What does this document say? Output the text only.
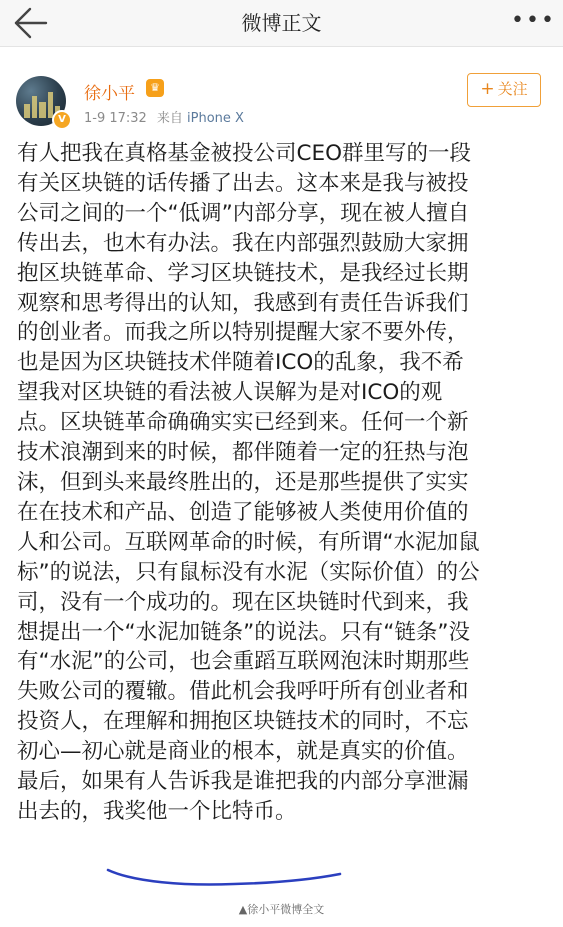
微博正文	•••
V
徐小平	♛
1-9 17:32 来自 iPhone X
+ 关注

有人把我在真格基金被投公司CEO群里写的一段

有关区块链的话传播了出去。这本来是我与被投

公司之间的一个“低调”内部分享，现在被人擅自

传出去，也木有办法。我在内部强烈鼓励大家拥

抱区块链革命、学习区块链技术，是我经过长期

观察和思考得出的认知，我感到有责任告诉我们

的创业者。而我之所以特别提醒大家不要外传，

也是因为区块链技术伴随着ICO的乱象，我不希

望我对区块链的看法被人误解为是对ICO的观

点。区块链革命确确实实已经到来。任何一个新

技术浪潮到来的时候，都伴随着一定的狂热与泡

沫，但到头来最终胜出的，还是那些提供了实实

在在技术和产品、创造了能够被人类使用价值的

人和公司。互联网革命的时候，有所谓“水泥加鼠

标”的说法，只有鼠标没有水泥（实际价值）的公

司，没有一个成功的。现在区块链时代到来，我

想提出一个“水泥加链条”的说法。只有“链条”没

有“水泥”的公司，也会重蹈互联网泡沫时期那些

失败公司的覆辙。借此机会我呼吁所有创业者和

投资人，在理解和拥抱区块链技术的同时，不忘

初心—初心就是商业的根本，就是真实的价值。

最后，如果有人告诉我是谁把我的内部分享泄漏

出去的，我奖他一个比特币。

▲徐小平微博全文
